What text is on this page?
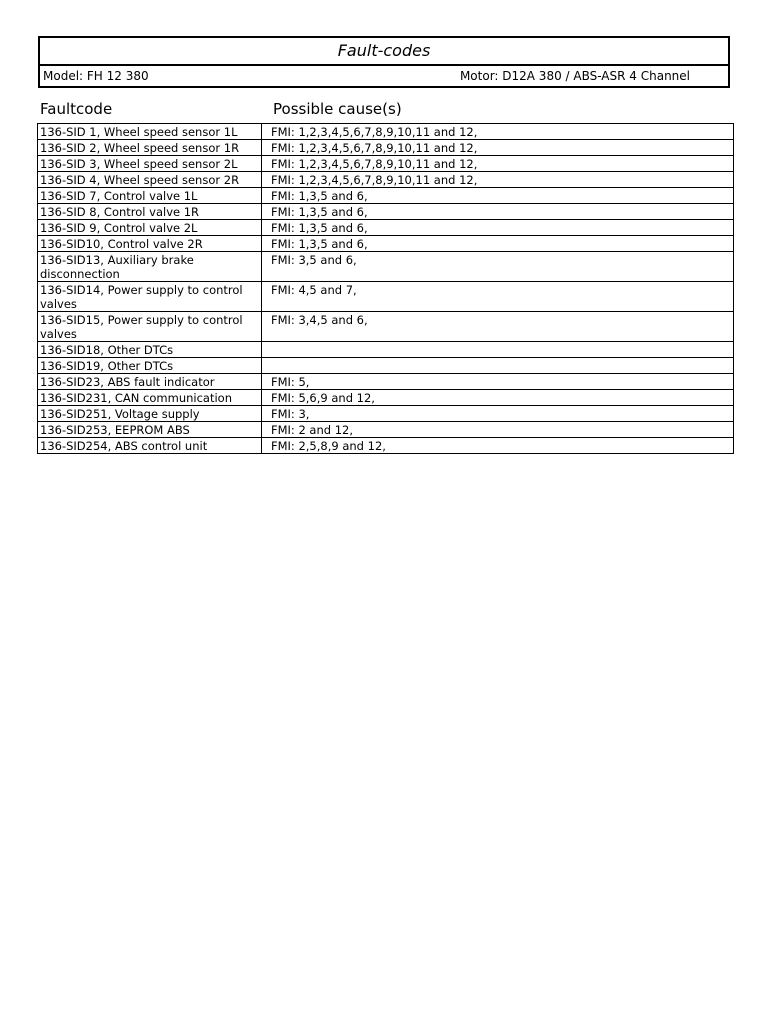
Fault-codes
Model: FH 12 380	Motor: D12A 380 / ABS-ASR 4 Channel
Faultcode	Possible cause(s)
136-SID 1, Wheel speed sensor 1L	FMI: 1,2,3,4,5,6,7,8,9,10,11 and 12,
136-SID 2, Wheel speed sensor 1R	FMI: 1,2,3,4,5,6,7,8,9,10,11 and 12,
136-SID 3, Wheel speed sensor 2L	FMI: 1,2,3,4,5,6,7,8,9,10,11 and 12,
136-SID 4, Wheel speed sensor 2R	FMI: 1,2,3,4,5,6,7,8,9,10,11 and 12,
136-SID 7, Control valve 1L	FMI: 1,3,5 and 6,
136-SID 8, Control valve 1R	FMI: 1,3,5 and 6,
136-SID 9, Control valve 2L	FMI: 1,3,5 and 6,
136-SID10, Control valve 2R	FMI: 1,3,5 and 6,
136-SID13, Auxiliary brake disconnection	FMI: 3,5 and 6,
136-SID14, Power supply to control valves	FMI: 4,5 and 7,
136-SID15, Power supply to control valves	FMI: 3,4,5 and 6,
136-SID18, Other DTCs	
136-SID19, Other DTCs	
136-SID23, ABS fault indicator	FMI: 5,
136-SID231, CAN communication	FMI: 5,6,9 and 12,
136-SID251, Voltage supply	FMI: 3,
136-SID253, EEPROM ABS	FMI: 2 and 12,
136-SID254, ABS control unit	FMI: 2,5,8,9 and 12,
